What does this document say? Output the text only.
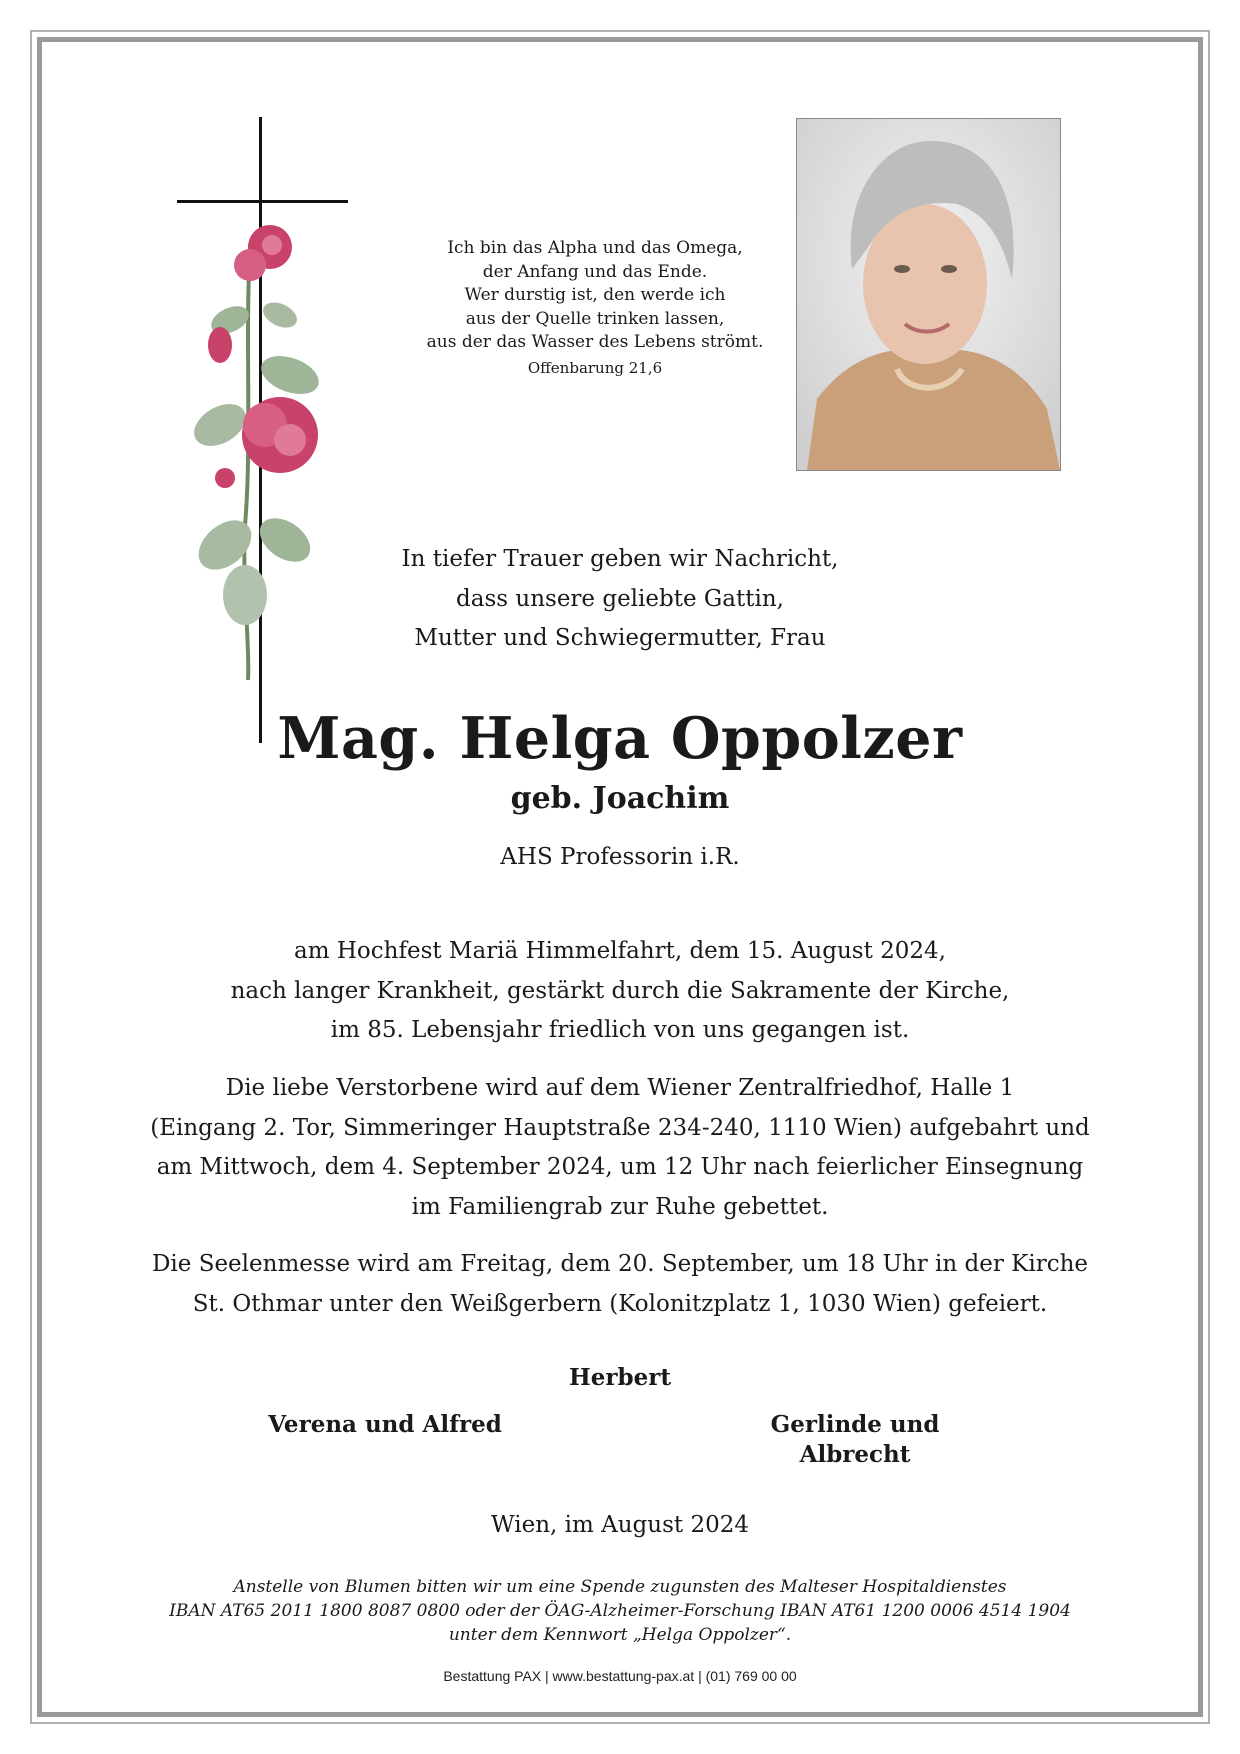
Ich bin das Alpha und das Omega,
der Anfang und das Ende.
Wer durstig ist, den werde ich
aus der Quelle trinken lassen,
aus der das Wasser des Lebens strömt.
Offenbarung 21,6
In tiefer Trauer geben wir Nachricht,
dass unsere geliebte Gattin,
Mutter und Schwiegermutter, Frau
Mag. Helga Oppolzer
geb. Joachim
AHS Professorin i.R.
am Hochfest Mariä Himmelfahrt, dem 15. August 2024,
nach langer Krankheit, gestärkt durch die Sakramente der Kirche,
im 85. Lebensjahr friedlich von uns gegangen ist.
Die liebe Verstorbene wird auf dem Wiener Zentralfriedhof, Halle 1
(Eingang 2. Tor, Simmeringer Hauptstraße 234-240, 1110 Wien) aufgebahrt und
am Mittwoch, dem 4. September 2024, um 12 Uhr nach feierlicher Einsegnung
im Familiengrab zur Ruhe gebettet.
Die Seelenmesse wird am Freitag, dem 20. September, um 18 Uhr in der Kirche
St. Othmar unter den Weißgerbern (Kolonitzplatz 1, 1030 Wien) gefeiert.
Herbert
Verena und Alfred	Gerlinde und Albrecht
Wien, im August 2024
Anstelle von Blumen bitten wir um eine Spende zugunsten des Malteser Hospitaldienstes
IBAN AT65 2011 1800 8087 0800 oder der ÖAG-Alzheimer-Forschung IBAN AT61 1200 0006 4514 1904
unter dem Kennwort „Helga Oppolzer“.
Bestattung PAX | www.bestattung-pax.at | (01) 769 00 00
